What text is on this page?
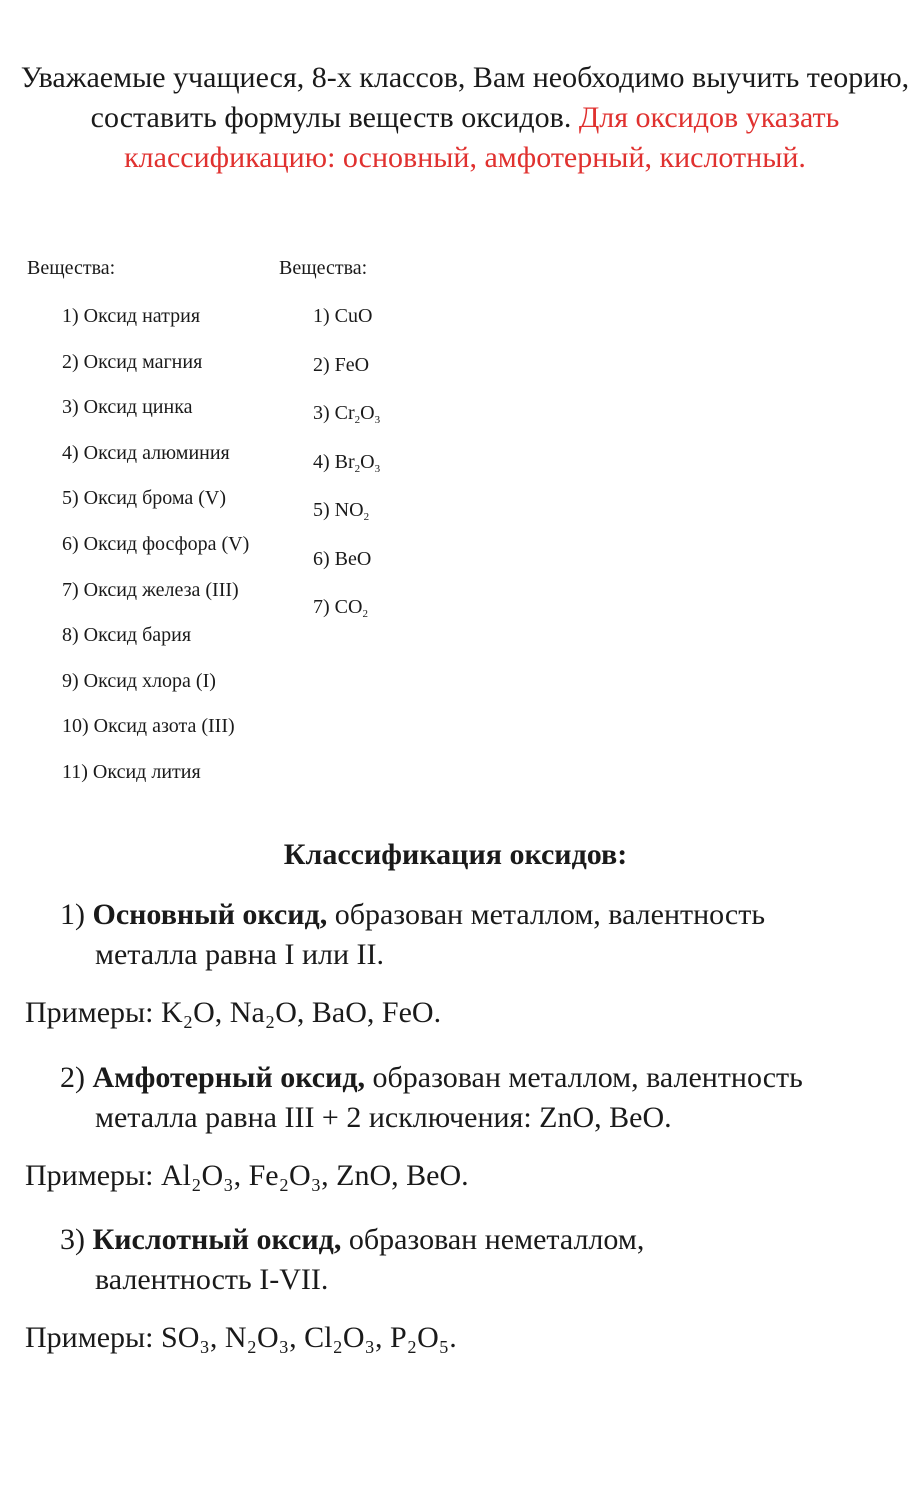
Уважаемые учащиеся, 8-х классов, Вам необходимо выучить теорию, составить формулы веществ оксидов. Для оксидов указать классификацию: основный, амфотерный, кислотный.
Вещества:	Вещества:
1) Оксид натрия
2) Оксид магния
3) Оксид цинка
4) Оксид алюминия
5) Оксид брома (V)
6) Оксид фосфора (V)
7) Оксид железа (III)
8) Оксид бария
9) Оксид хлора (I)
10) Оксид азота (III)
11) Оксид лития
1) CuO
2) FeO
3) $Cr_2O_3$
4) $Br_2O_3$
5) $NO_2$
6) BeO
7) $CO_2$
Классификация оксидов:
1) Основный оксид, образован металлом, валентность
металла равна I или II.
Примеры: K₂O, Na₂O, BaO, FeO.
2) Амфотерный оксид, образован металлом, валентность
металла равна III + 2 исключения: ZnO, BeO.
Примеры: Al₂O₃, Fe₂O₃, ZnO, BeO.
3) Кислотный оксид, образован неметаллом,
валентность I-VII.
Примеры: SO₃, N₂O₃, Cl₂O₃, P₂O₅.
